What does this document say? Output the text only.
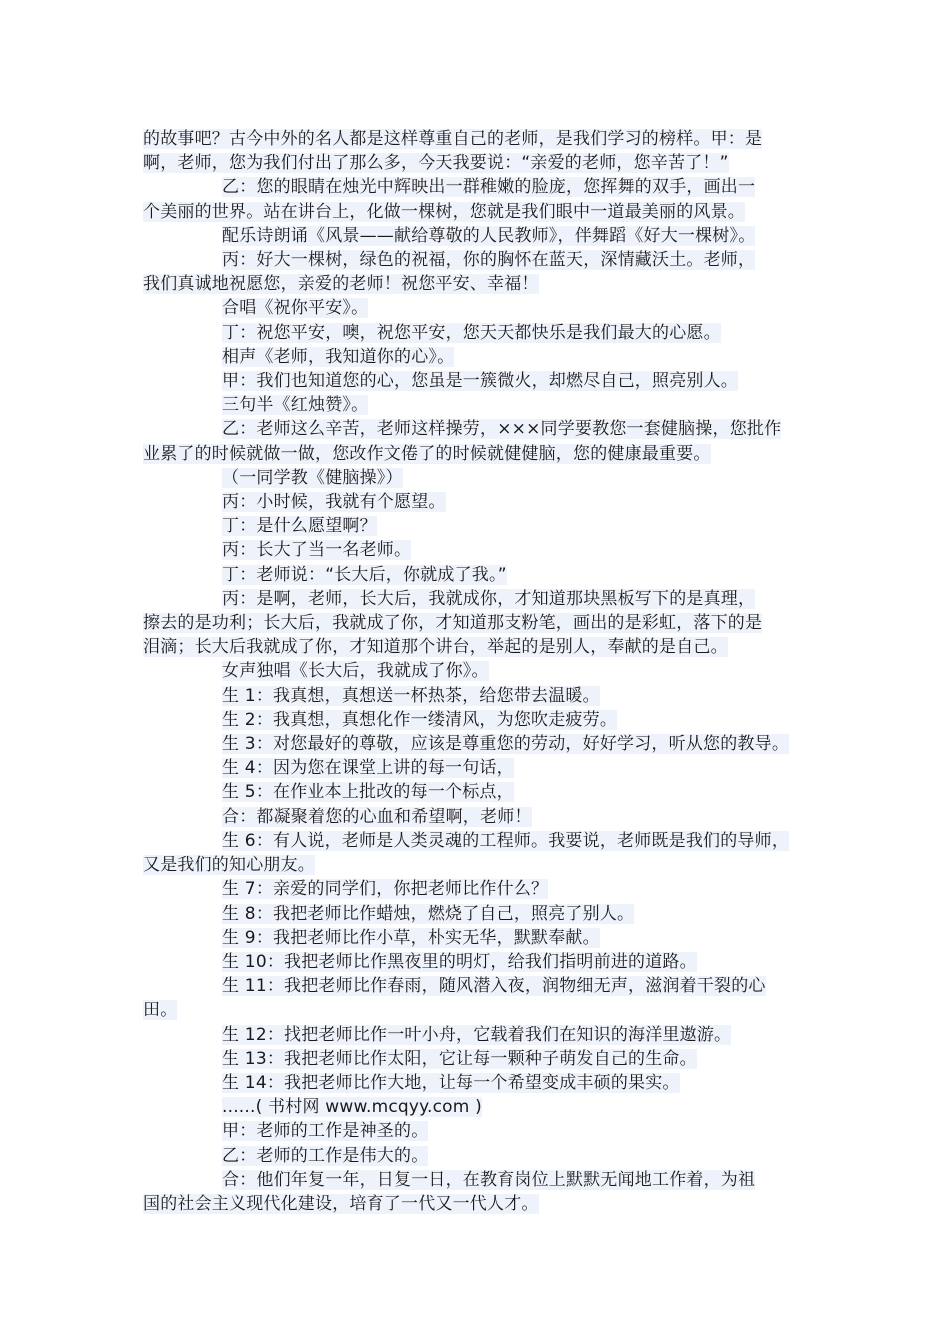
的故事吧？古今中外的名人都是这样尊重自己的老师，是我们学习的榜样。甲：是
啊，老师，您为我们付出了那么多，今天我要说：“亲爱的老师，您辛苦了！”
乙：您的眼睛在烛光中辉映出一群稚嫩的脸庞，您挥舞的双手，画出一
个美丽的世界。站在讲台上，化做一棵树，您就是我们眼中一道最美丽的风景。
配乐诗朗诵《风景——献给尊敬的人民教师》，伴舞蹈《好大一棵树》。
丙：好大一棵树，绿色的祝福，你的胸怀在蓝天，深情藏沃土。老师，
我们真诚地祝愿您，亲爱的老师！祝您平安、幸福！
合唱《祝你平安》。
丁：祝您平安，噢，祝您平安，您天天都快乐是我们最大的心愿。
相声《老师，我知道你的心》。
甲：我们也知道您的心，您虽是一簇微火，却燃尽自己，照亮别人。
三句半《红烛赞》。
乙：老师这么辛苦，老师这样操劳，×××同学要教您一套健脑操，您批作
业累了的时候就做一做，您改作文倦了的时候就健健脑，您的健康最重要。
（一同学教《健脑操》）
丙：小时候，我就有个愿望。
丁：是什么愿望啊？
丙：长大了当一名老师。
丁：老师说：“长大后，你就成了我。”
丙：是啊，老师，长大后，我就成你，才知道那块黑板写下的是真理，
擦去的是功利；长大后，我就成了你，才知道那支粉笔，画出的是彩虹，落下的是
泪滴；长大后我就成了你，才知道那个讲台，举起的是别人，奉献的是自己。
女声独唱《长大后，我就成了你》。
生 1：我真想，真想送一杯热茶，给您带去温暖。
生 2：我真想，真想化作一缕清风，为您吹走疲劳。
生 3：对您最好的尊敬，应该是尊重您的劳动，好好学习，听从您的教导。
生 4：因为您在课堂上讲的每一句话，
生 5：在作业本上批改的每一个标点，
合：都凝聚着您的心血和希望啊，老师！
生 6：有人说，老师是人类灵魂的工程师。我要说，老师既是我们的导师，
又是我们的知心朋友。
生 7：亲爱的同学们，你把老师比作什么？
生 8：我把老师比作蜡烛，燃烧了自己，照亮了别人。
生 9：我把老师比作小草，朴实无华，默默奉献。
生 10：我把老师比作黑夜里的明灯，给我们指明前进的道路。
生 11：我把老师比作春雨，随风潜入夜，润物细无声，滋润着干裂的心
田。
生 12：找把老师比作一叶小舟，它载着我们在知识的海洋里遨游。
生 13：我把老师比作太阳，它让每一颗种子萌发自己的生命。
生 14：我把老师比作大地，让每一个希望变成丰硕的果实。
......( 书村网 www.mcqyy.com )
甲：老师的工作是神圣的。
乙：老师的工作是伟大的。
合：他们年复一年，日复一日，在教育岗位上默默无闻地工作着，为祖
国的社会主义现代化建设，培育了一代又一代人才。
